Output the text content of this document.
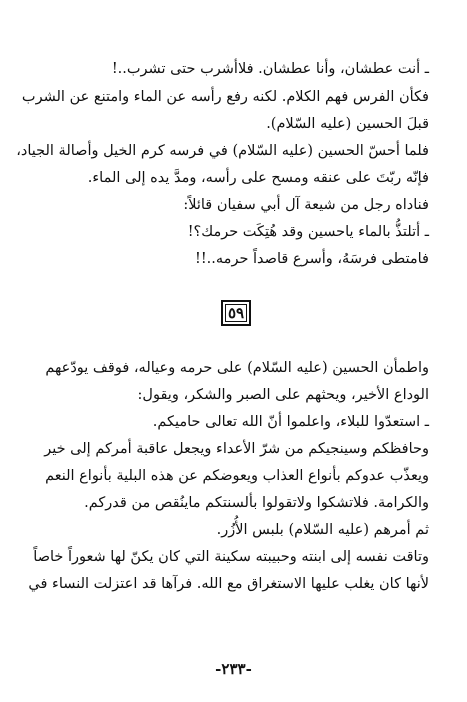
ـ أنت عطشان، وأنا عطشان. فلاأشرب حتى تشرب..!
فكأن الفرس فهم الكلام. لكنه رفع رأسه عن الماء وامتنع عن الشرب
قبلَ الحسين (عليه السّلام).
فلما أحسّ الحسين (عليه السّلام) في فرسه كرم الخيل وأصالة الجياد،
فإنّه ربّتَ على عنقه ومسح على رأسه، ومدَّ يده إلى الماء.
فناداه رجل من شيعة آل أبي سفيان قائلاً:
ـ أتلتذُّ بالماء ياحسين وقد هُتِكَت حرمك؟!
فامتطى فرسَهُ، وأسرع قاصداً حرمه..!!
٥٩
واطمأن الحسين (عليه السّلام) على حرمه وعياله، فوقف يودّعهم
الوداع الأخير، ويحثهم على الصبر والشكر، ويقول:
ـ استعدّوا للبلاء، واعلموا أنّ الله تعالى حاميكم.
وحافظكم وسينجيكم من شرّ الأعداء ويجعل عاقبة أمركم إلى خير
ويعذّب عدوكم بأنواع العذاب ويعوضكم عن هذه البلية بأنواع النعم
والكرامة. فلاتشكوا ولاتقولوا بألسنتكم ماينُقص من قدركم.
ثم أمرهم (عليه السّلام) بلبس الأُزُر.
وتاقت نفسه إلى ابنته وحبيبته سكينة التي كان يكنّ لها شعوراً خاصاً
لأنها كان يغلب عليها الاستغراق مع الله. فرآها قد اعتزلت النساء في
-٢٣٣-
